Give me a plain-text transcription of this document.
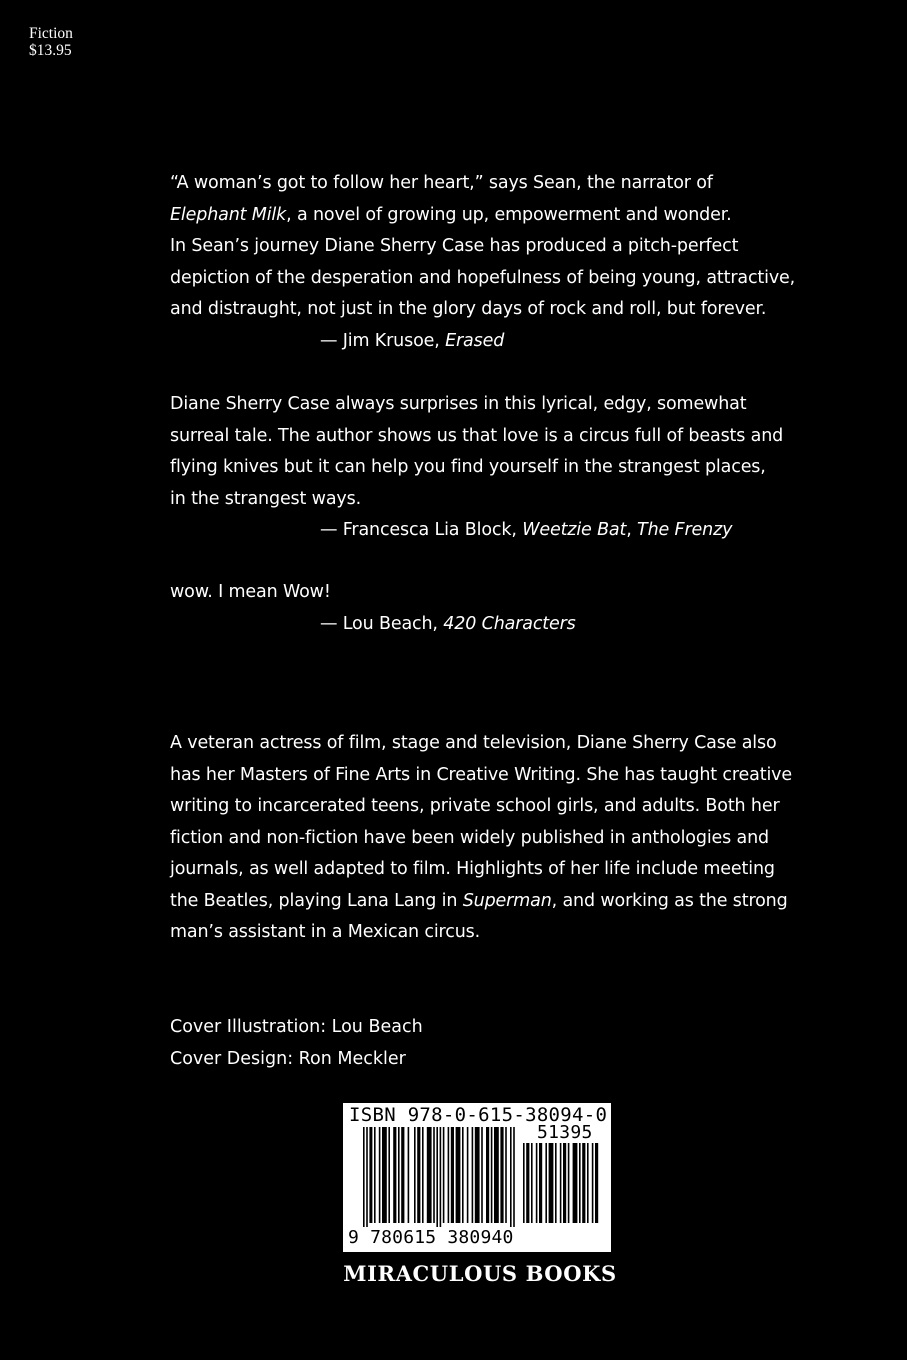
Fiction
$13.95
“A woman’s got to follow her heart,” says Sean, the narrator of
Elephant Milk, a novel of growing up, empowerment and wonder.
In Sean’s journey Diane Sherry Case has produced a pitch-perfect
depiction of the desperation and hopefulness of being young, attractive,
and distraught, not just in the glory days of rock and roll, but forever.
— Jim Krusoe, Erased
Diane Sherry Case always surprises in this lyrical, edgy, somewhat
surreal tale. The author shows us that love is a circus full of beasts and
flying knives but it can help you find yourself in the strangest places,
in the strangest ways.
— Francesca Lia Block, Weetzie Bat, The Frenzy
wow. I mean Wow!
— Lou Beach, 420 Characters
A veteran actress of film, stage and television, Diane Sherry Case also
has her Masters of Fine Arts in Creative Writing. She has taught creative
writing to incarcerated teens, private school girls, and adults. Both her
fiction and non-fiction have been widely published in anthologies and
journals, as well adapted to film. Highlights of her life include meeting
the Beatles, playing Lana Lang in Superman, and working as the strong
man’s assistant in a Mexican circus.
Cover Illustration: Lou Beach
Cover Design: Ron Meckler
ISBN 978-0-615-38094-0
51395
9 780615 380940
MIRACULOUS BOOKS
